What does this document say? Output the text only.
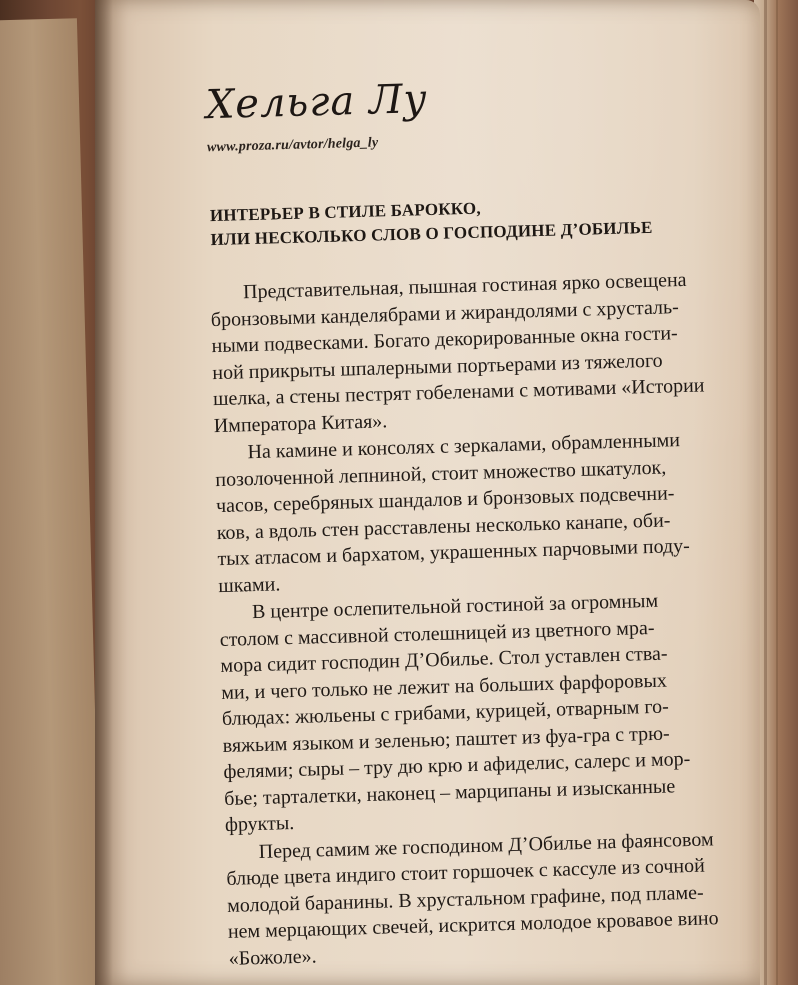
Хельга Лу
www.proza.ru/avtor/helga_ly
ИНТЕРЬЕР В СТИЛЕ БАРОККО,
ИЛИ НЕСКОЛЬКО СЛОВ О ГОСПОДИНЕ Д’ОБИЛЬЕ
Представительная, пышная гостиная ярко освещена
бронзовыми канделябрами и жирандолями с хрусталь-
ными подвесками. Богато декорированные окна гости-
ной прикрыты шпалерными портьерами из тяжелого
шелка, а стены пестрят гобеленами с мотивами «Истории
Императора Китая».
На камине и консолях с зеркалами, обрамленными
позолоченной лепниной, стоит множество шкатулок,
часов, серебряных шандалов и бронзовых подсвечни-
ков, а вдоль стен расставлены несколько канапе, оби-
тых атласом и бархатом, украшенных парчовыми поду-
шками.
В центре ослепительной гостиной за огромным
столом с массивной столешницей из цветного мра-
мора сидит господин Д’Обилье. Стол уставлен ства-
ми, и чего только не лежит на больших фарфоровых
блюдах: жюльены с грибами, курицей, отварным го-
вяжьим языком и зеленью; паштет из фуа-гра с трю-
фелями; сыры – тру дю крю и афиделис, салерс и мор-
бье; тарталетки, наконец – марципаны и изысканные
фрукты.
Перед самим же господином Д’Обилье на фаянсовом
блюде цвета индиго стоит горшочек с кассуле из сочной
молодой баранины. В хрустальном графине, под пламе-
нем мерцающих свечей, искрится молодое кровавое вино
«Божоле».
